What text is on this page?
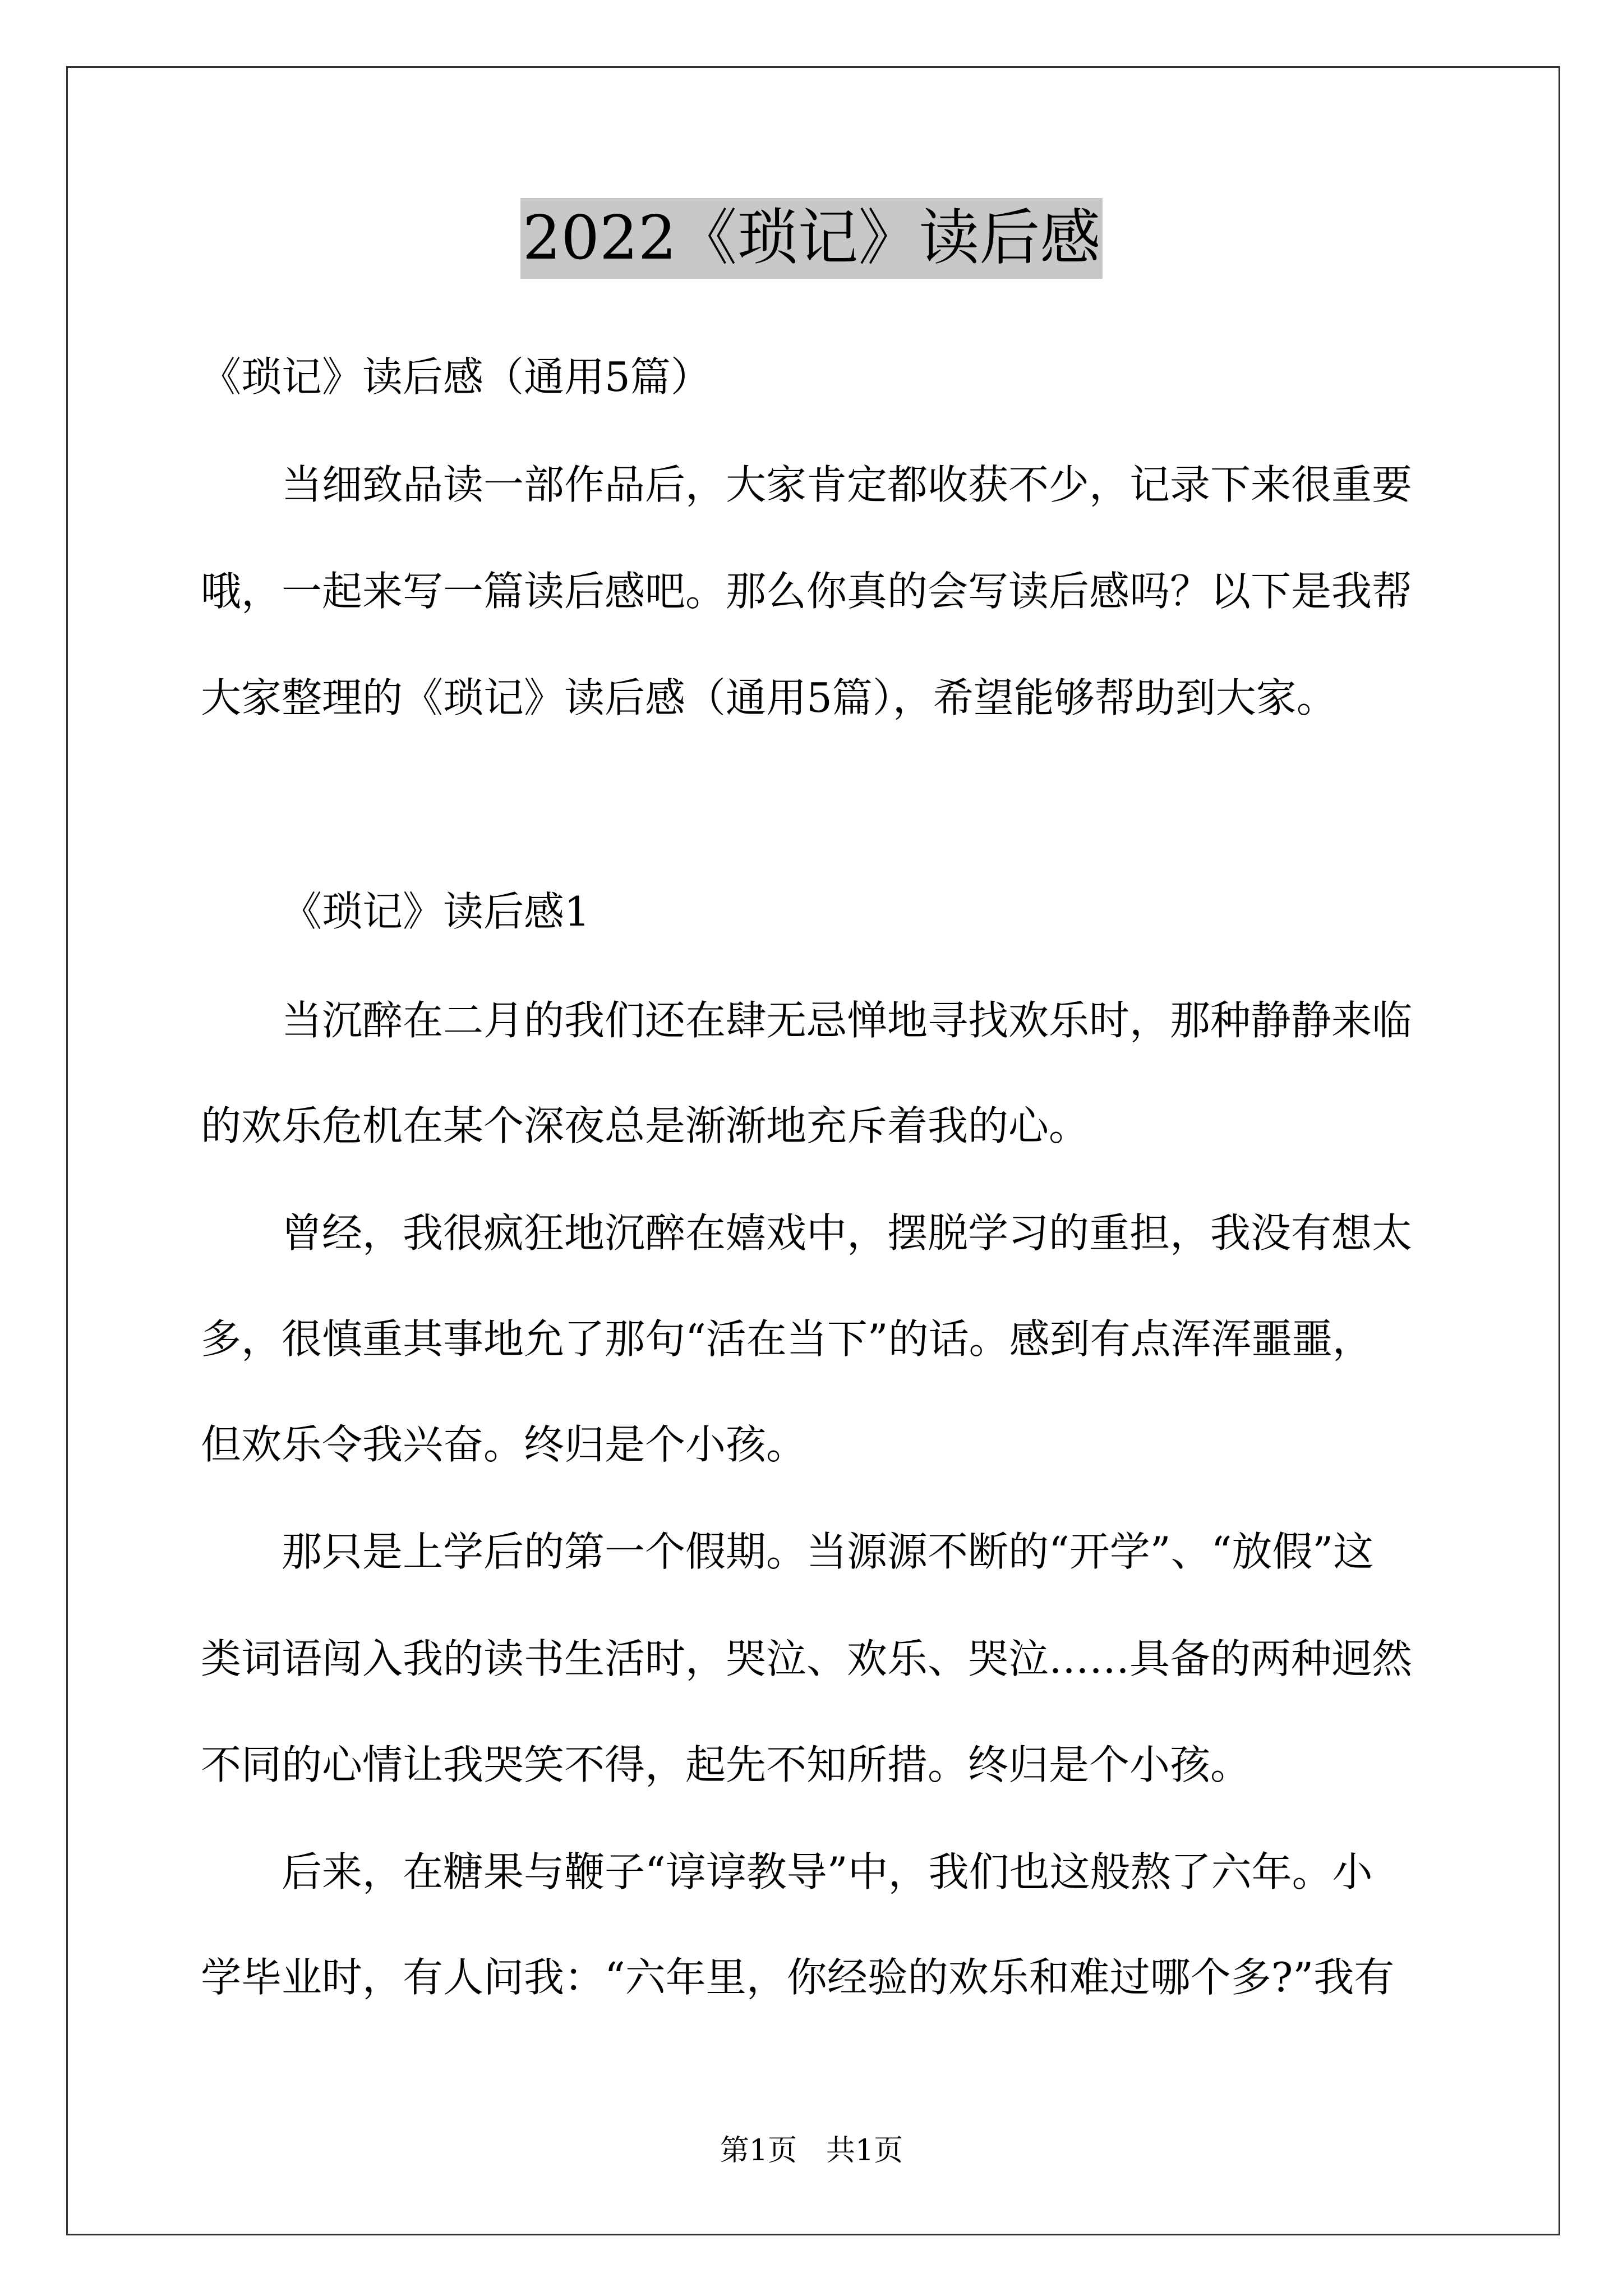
2022《琐记》读后感
《琐记》读后感（通用5篇）
当细致品读一部作品后，大家肯定都收获不少，记录下来很重要
哦，一起来写一篇读后感吧。那么你真的会写读后感吗？以下是我帮
大家整理的《琐记》读后感（通用5篇），希望能够帮助到大家。
《琐记》读后感1
当沉醉在二月的我们还在肆无忌惮地寻找欢乐时，那种静静来临
的欢乐危机在某个深夜总是渐渐地充斥着我的心。
曾经，我很疯狂地沉醉在嬉戏中，摆脱学习的重担，我没有想太
多，很慎重其事地允了那句“活在当下”的话。感到有点浑浑噩噩，
但欢乐令我兴奋。终归是个小孩。
那只是上学后的第一个假期。当源源不断的“开学”、“放假”这
类词语闯入我的读书生活时，哭泣、欢乐、哭泣……具备的两种迥然
不同的心情让我哭笑不得，起先不知所措。终归是个小孩。
后来，在糖果与鞭子“谆谆教导”中，我们也这般熬了六年。小
学毕业时，有人问我：“六年里，你经验的欢乐和难过哪个多?”我有
第1页　共1页
